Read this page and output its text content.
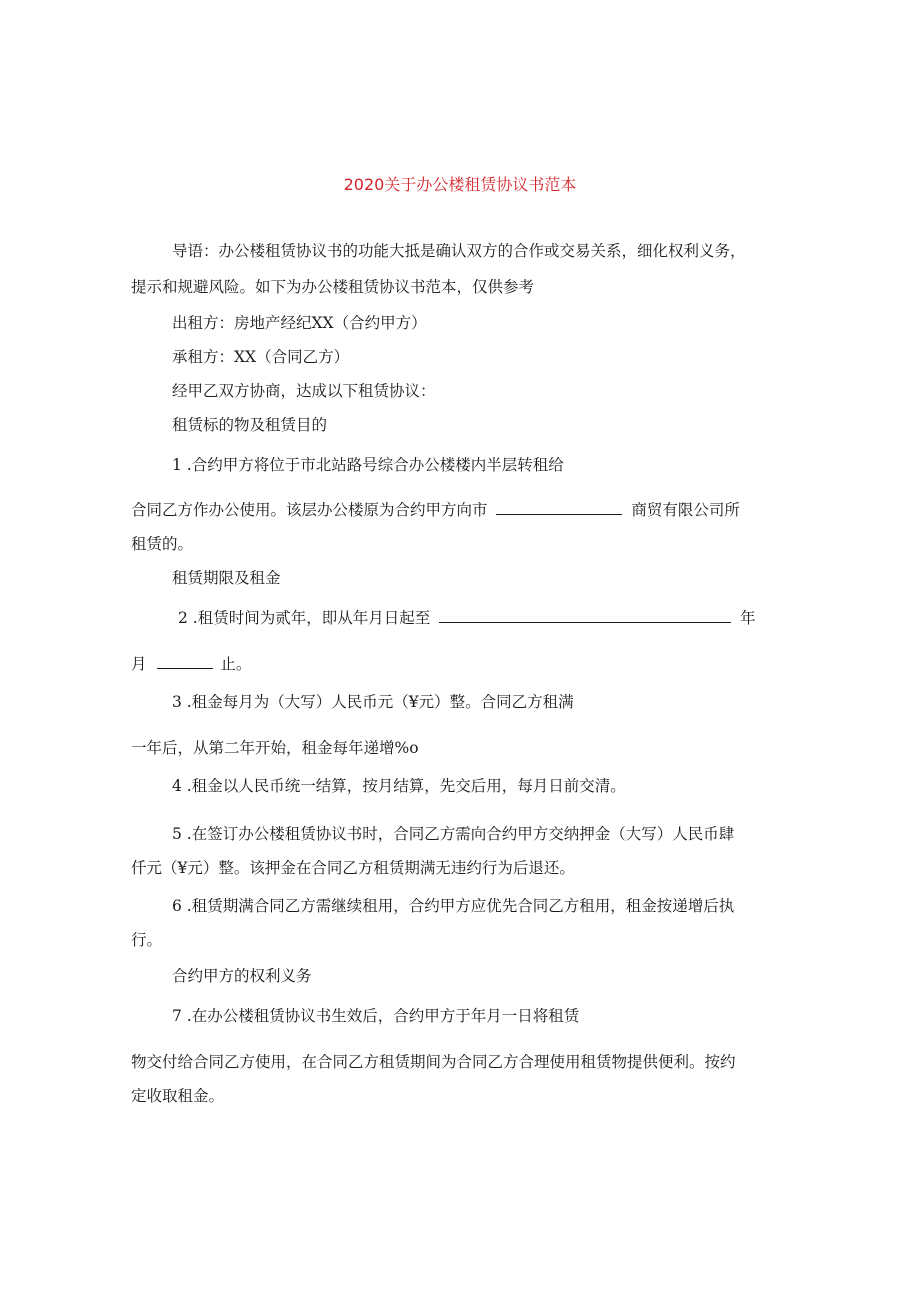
2020关于办公楼租赁协议书范本
导语：办公楼租赁协议书的功能大抵是确认双方的合作或交易关系，细化权利义务，
提示和规避风险。如下为办公楼租赁协议书范本，仅供参考
出租方：房地产经纪XX（合约甲方）
承租方：XX（合同乙方）
经甲乙双方协商，达成以下租赁协议：
租赁标的物及租赁目的
1 .合约甲方将位于市北站路号综合办公楼楼内半层转租给
合同乙方作办公使用。该层办公楼原为合约甲方向市	商贸有限公司所
租赁的。
租赁期限及租金
2 .租赁时间为贰年，即从年月日起至	年
月	止。
3 .租金每月为（大写）人民币元（¥元）整。合同乙方租满
一年后，从第二年开始，租金每年递增%o
4 .租金以人民币统一结算，按月结算，先交后用，每月日前交清。
5 .在签订办公楼租赁协议书时，合同乙方需向合约甲方交纳押金（大写）人民币肆
仟元（¥元）整。该押金在合同乙方租赁期满无违约行为后退还。
6 .租赁期满合同乙方需继续租用，合约甲方应优先合同乙方租用，租金按递增后执
行。
合约甲方的权利义务
7 .在办公楼租赁协议书生效后，合约甲方于年月一日将租赁
物交付给合同乙方使用，在合同乙方租赁期间为合同乙方合理使用租赁物提供便利。按约
定收取租金。
